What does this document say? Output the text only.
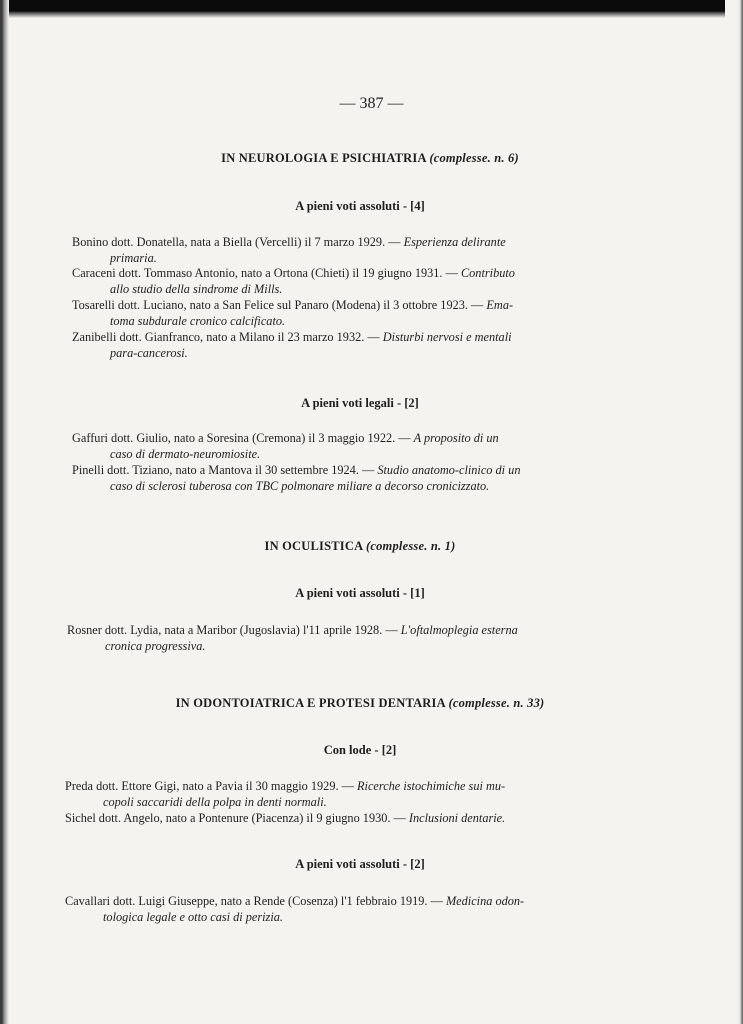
— 387 —
IN NEUROLOGIA E PSICHIATRIA (complesse. n. 6)
A pieni voti assoluti - [4]
Bonino dott. Donatella, nata a Biella (Vercelli) il 7 marzo 1929. — Esperienza delirante
primaria.
Caraceni dott. Tommaso Antonio, nato a Ortona (Chieti) il 19 giugno 1931. — Contributo
allo studio della sindrome di Mills.
Tosarelli dott. Luciano, nato a San Felice sul Panaro (Modena) il 3 ottobre 1923. — Ema-
toma subdurale cronico calcificato.
Zanibelli dott. Gianfranco, nato a Milano il 23 marzo 1932. — Disturbi nervosi e mentali
para-cancerosi.
A pieni voti legali - [2]
Gaffuri dott. Giulio, nato a Soresina (Cremona) il 3 maggio 1922. — A proposito di un
caso di dermato-neuromiosite.
Pinelli dott. Tiziano, nato a Mantova il 30 settembre 1924. — Studio anatomo-clinico di un
caso di sclerosi tuberosa con TBC polmonare miliare a decorso cronicizzato.
IN OCULISTICA (complesse. n. 1)
A pieni voti assoluti - [1]
Rosner dott. Lydia, nata a Maribor (Jugoslavia) l'11 aprile 1928. — L'oftalmoplegia esterna
cronica progressiva.
IN ODONTOIATRICA E PROTESI DENTARIA (complesse. n. 33)
Con lode - [2]
Preda dott. Ettore Gigi, nato a Pavia il 30 maggio 1929. — Ricerche istochimiche sui mu-
copoli saccaridi della polpa in denti normali.
Sichel dott. Angelo, nato a Pontenure (Piacenza) il 9 giugno 1930. — Inclusioni dentarie.
A pieni voti assoluti - [2]
Cavallari dott. Luigi Giuseppe, nato a Rende (Cosenza) l'1 febbraio 1919. — Medicina odon-
tologica legale e otto casi di perizia.
